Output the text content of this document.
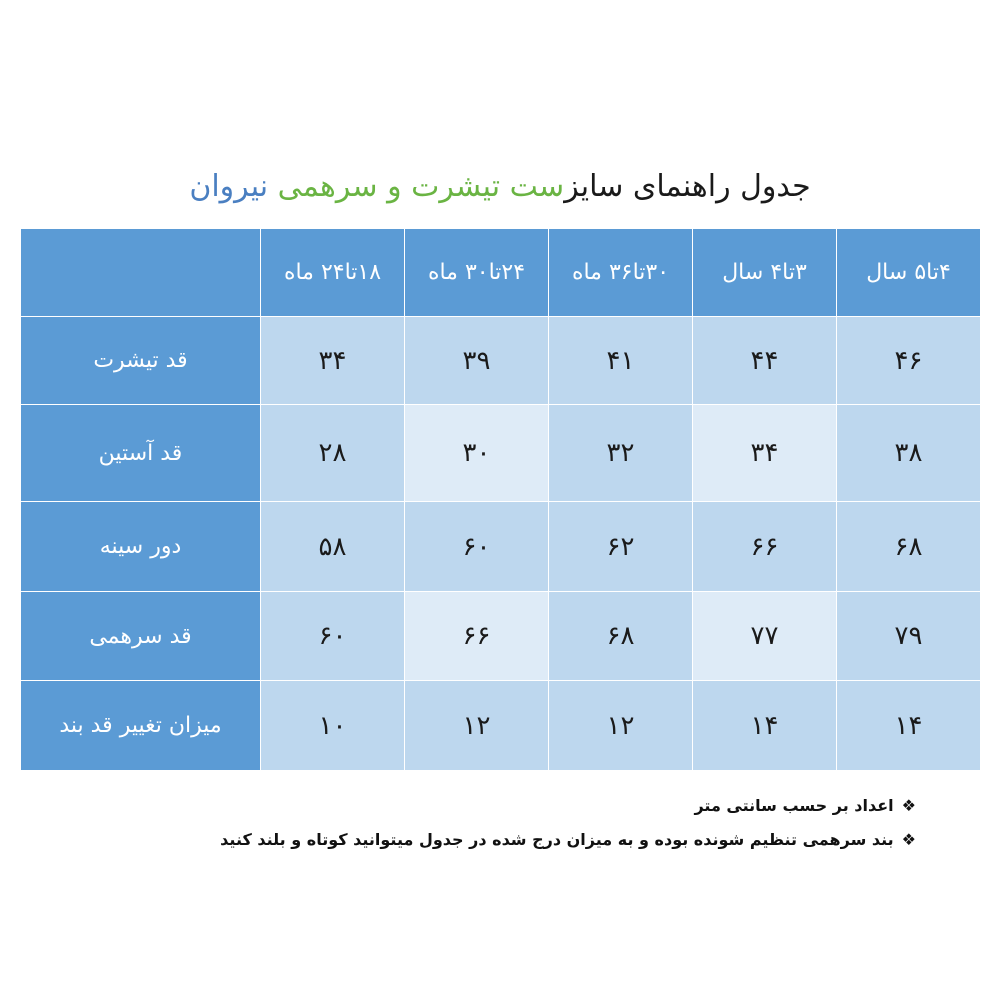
جدول راهنمای سایزست تیشرت و سرهمی نیروان
۴تا۵ سال	۳تا۴ سال	۳۰تا۳۶ ماه	۲۴تا۳۰ ماه	۱۸تا۲۴ ماه	
۴۶	۴۴	۴۱	۳۹	۳۴	قد تیشرت
۳۸	۳۴	۳۲	۳۰	۲۸	قد آستین
۶۸	۶۶	۶۲	۶۰	۵۸	دور سینه
۷۹	۷۷	۶۸	۶۶	۶۰	قد سرهمی
۱۴	۱۴	۱۲	۱۲	۱۰	میزان تغییر قد بند
❖
اعداد بر حسب سانتی متر
❖
بند سرهمی تنظیم شونده بوده و به میزان درج شده در جدول میتوانید کوتاه و بلند کنید
